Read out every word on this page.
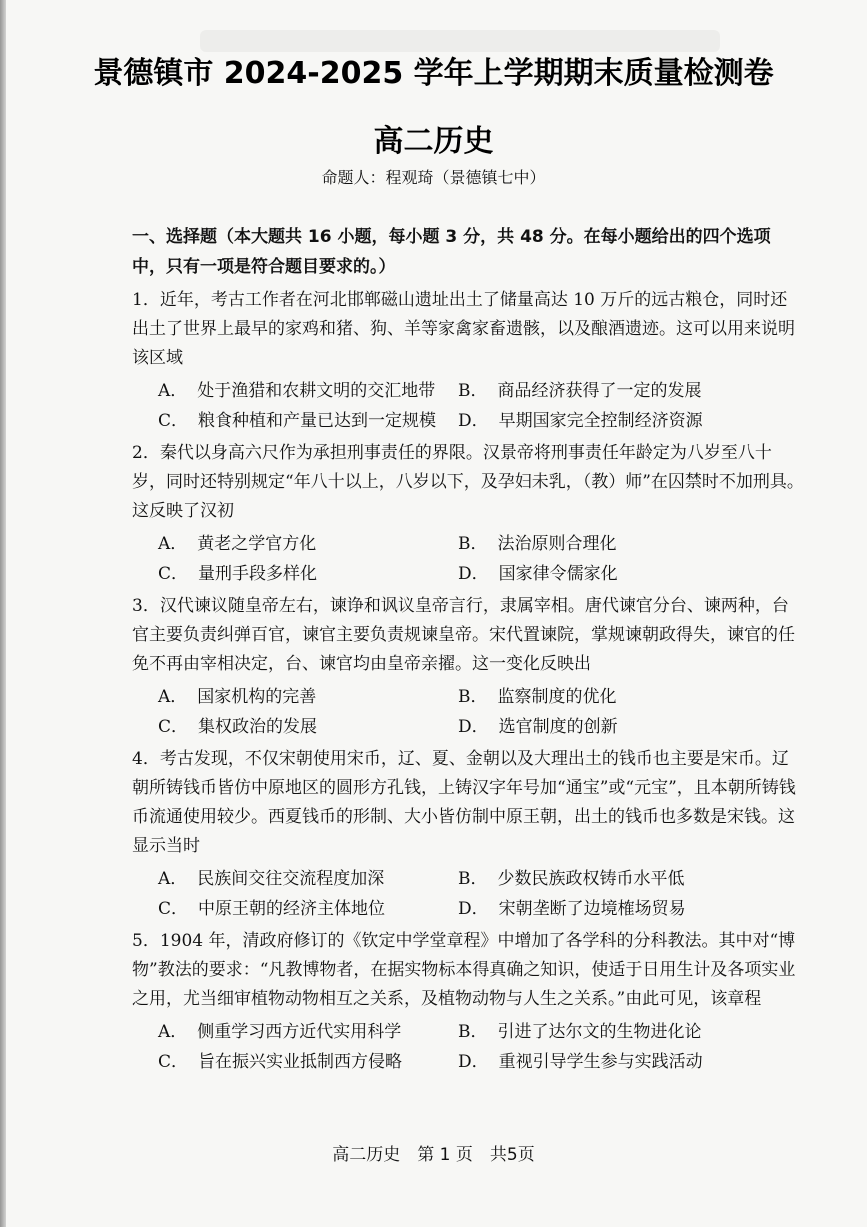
景德镇市 2024-2025 学年上学期期末质量检测卷
高二历史
命题人：程观琦（景德镇七中）
一、选择题（本大题共 16 小题，每小题 3 分，共 48 分。在每小题给出的四个选项中，只有一项是符合题目要求的。）
1．近年，考古工作者在河北邯郸磁山遗址出土了储量高达 10 万斤的远古粮仓，同时还出土了世界上最早的家鸡和猪、狗、羊等家禽家畜遗骸，以及酿酒遗迹。这可以用来说明该区域
A． 处于渔猎和农耕文明的交汇地带	B． 商品经济获得了一定的发展
C． 粮食种植和产量已达到一定规模	D． 早期国家完全控制经济资源
2．秦代以身高六尺作为承担刑事责任的界限。汉景帝将刑事责任年龄定为八岁至八十岁，同时还特别规定“年八十以上，八岁以下，及孕妇未乳，（教）师”在囚禁时不加刑具。这反映了汉初
A． 黄老之学官方化	B． 法治原则合理化
C． 量刑手段多样化	D． 国家律令儒家化
3．汉代谏议随皇帝左右，谏诤和讽议皇帝言行，隶属宰相。唐代谏官分台、谏两种，台官主要负责纠弹百官，谏官主要负责规谏皇帝。宋代置谏院，掌规谏朝政得失，谏官的任免不再由宰相决定，台、谏官均由皇帝亲擢。这一变化反映出
A． 国家机构的完善	B． 监察制度的优化
C． 集权政治的发展	D． 选官制度的创新
4．考古发现，不仅宋朝使用宋币，辽、夏、金朝以及大理出土的钱币也主要是宋币。辽朝所铸钱币皆仿中原地区的圆形方孔钱，上铸汉字年号加“通宝”或“元宝”，且本朝所铸钱币流通使用较少。西夏钱币的形制、大小皆仿制中原王朝，出土的钱币也多数是宋钱。这显示当时
A． 民族间交往交流程度加深	B． 少数民族政权铸币水平低
C． 中原王朝的经济主体地位	D． 宋朝垄断了边境榷场贸易
5．1904 年，清政府修订的《钦定中学堂章程》中增加了各学科的分科教法。其中对“博物”教法的要求：“凡教博物者，在据实物标本得真确之知识，使适于日用生计及各项实业之用，尤当细审植物动物相互之关系，及植物动物与人生之关系。”由此可见，该章程
A． 侧重学习西方近代实用科学	B． 引进了达尔文的生物进化论
C． 旨在振兴实业抵制西方侵略	D． 重视引导学生参与实践活动
高二历史　第 1 页　共5页
